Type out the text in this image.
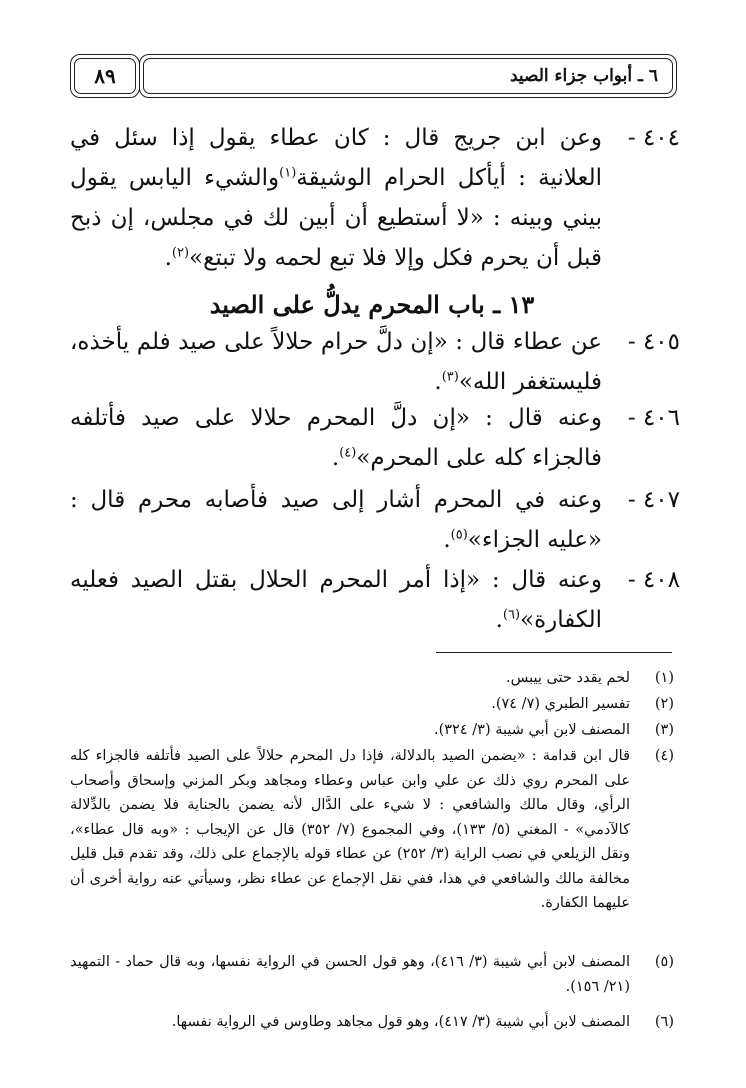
٦ ـ أبواب جزاء الصيد
٨٩
٤٠٤ -
وعن ابن جريج قال : كان عطاء يقول إذا سئل في العلانية : أيأكل الحرام الوشيقة$^{(١)}$والشيء اليابس يقول بيني وبينه : «لا أستطيع أن أبين لك في مجلس، إن ذبح قبل أن يحرم فكل وإلا فلا تبع لحمه ولا تبتع»$^{(٢)}$.
١٣ ـ باب المحرم يدلُّ على الصيد
٤٠٥ -
عن عطاء قال : «إن دلَّ حرام حلالاً على صيد فلم يأخذه، فليستغفر الله»$^{(٣)}$.
٤٠٦ -
وعنه قال : «إن دلَّ المحرم حلالا على صيد فأتلفه فالجزاء كله على المحرم»$^{(٤)}$.
٤٠٧ -
وعنه في المحرم أشار إلى صيد فأصابه محرم قال : «عليه الجزاء»$^{(٥)}$.
٤٠٨ -
وعنه قال : «إذا أمر المحرم الحلال بقتل الصيد فعليه الكفارة»$^{(٦)}$.
(١)
لحم يقدد حتى ييبس.
(٢)
تفسير الطبري (٧/ ٧٤).
(٣)
المصنف لابن أبي شيبة (٣/ ٣٢٤).
(٤)
قال ابن قدامة : «يضمن الصيد بالدلالة، فإذا دل المحرم حلالاً على الصيد فأتلفه فالجزاء كله على المحرم روي ذلك عن علي وابن عباس وعطاء ومجاهد وبكر المزني وإسحاق وأصحاب الرأي، وقال مالك والشافعي : لا شيء على الدَّال لأنه يضمن بالجناية فلا يضمن بالدِّلالة كالآدمي» - المغني (٥/ ١٣٣)، وفي المجموع (٧/ ٣٥٢) قال عن الإيجاب : «وبه قال عطاء»، ونقل الزيلعي في نصب الراية (٣/ ٢٥٢) عن عطاء قوله بالإجماع على ذلك، وقد تقدم قبل قليل مخالفة مالك والشافعي في هذا، ففي نقل الإجماع عن عطاء نظر، وسيأتي عنه رواية أخرى أن عليهما الكفارة.
(٥)
المصنف لابن أبي شيبة (٣/ ٤١٦)، وهو قول الحسن في الرواية نفسها، وبه قال حماد - التمهيد (٢١/ ١٥٦).
(٦)
المصنف لابن أبي شيبة (٣/ ٤١٧)، وهو قول مجاهد وطاوس في الرواية نفسها.
